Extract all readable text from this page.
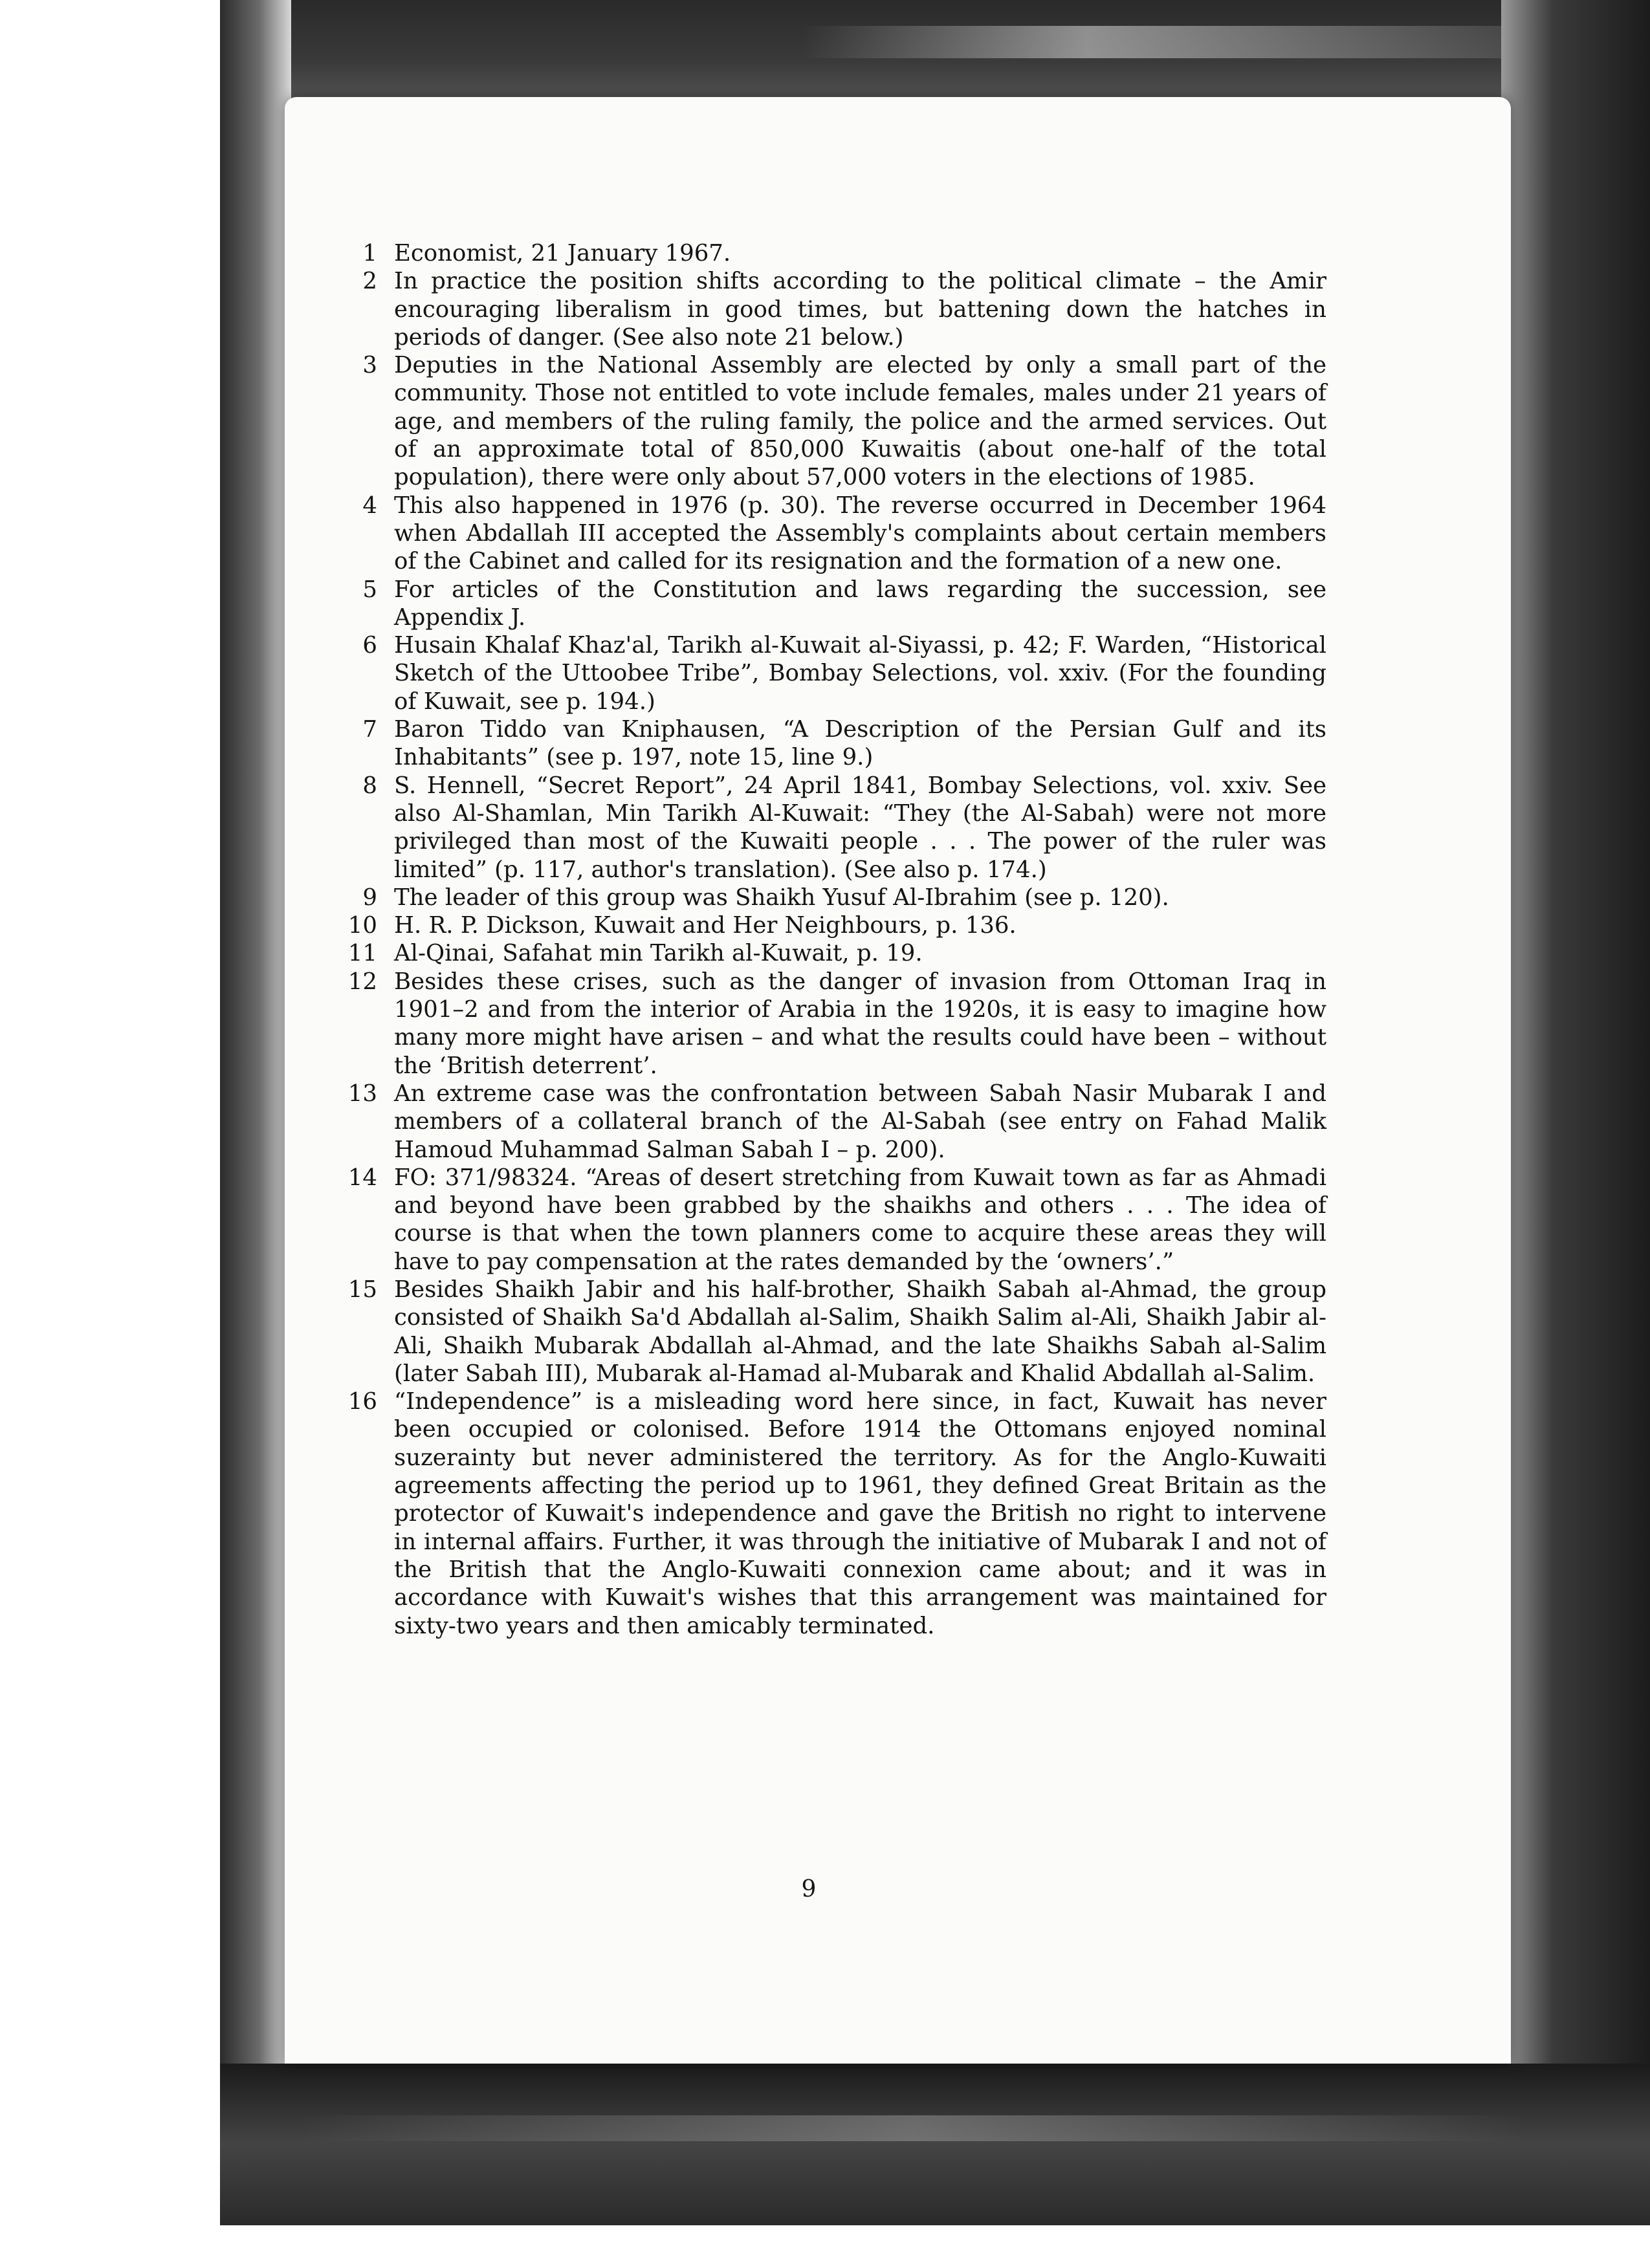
1 Economist, 21 January 1967.
2 In practice the position shifts according to the political climate – the Amir encouraging liberalism in good times, but battening down the hatches in periods of danger. (See also note 21 below.)
3 Deputies in the National Assembly are elected by only a small part of the community. Those not entitled to vote include females, males under 21 years of age, and members of the ruling family, the police and the armed services. Out of an approximate total of 850,000 Kuwaitis (about one-half of the total population), there were only about 57,000 voters in the elections of 1985.
4 This also happened in 1976 (p. 30). The reverse occurred in December 1964 when Abdallah III accepted the Assembly's complaints about certain members of the Cabinet and called for its resignation and the formation of a new one.
5 For articles of the Constitution and laws regarding the succession, see Appendix J.
6 Husain Khalaf Khaz'al, Tarikh al-Kuwait al-Siyassi, p. 42; F. Warden, “Historical Sketch of the Uttoobee Tribe”, Bombay Selections, vol. xxiv. (For the founding of Kuwait, see p. 194.)
7 Baron Tiddo van Kniphausen, “A Description of the Persian Gulf and its Inhabitants” (see p. 197, note 15, line 9.)
8 S. Hennell, “Secret Report”, 24 April 1841, Bombay Selections, vol. xxiv. See also Al-Shamlan, Min Tarikh Al-Kuwait: “They (the Al-Sabah) were not more privileged than most of the Kuwaiti people . . . The power of the ruler was limited” (p. 117, author's translation). (See also p. 174.)
9 The leader of this group was Shaikh Yusuf Al-Ibrahim (see p. 120).
10 H. R. P. Dickson, Kuwait and Her Neighbours, p. 136.
11 Al-Qinai, Safahat min Tarikh al-Kuwait, p. 19.
12 Besides these crises, such as the danger of invasion from Ottoman Iraq in 1901–2 and from the interior of Arabia in the 1920s, it is easy to imagine how many more might have arisen – and what the results could have been – without the ‘British deterrent’.
13 An extreme case was the confrontation between Sabah Nasir Mubarak I and members of a collateral branch of the Al-Sabah (see entry on Fahad Malik Hamoud Muhammad Salman Sabah I – p. 200).
14 FO: 371/98324. “Areas of desert stretching from Kuwait town as far as Ahmadi and beyond have been grabbed by the shaikhs and others . . . The idea of course is that when the town planners come to acquire these areas they will have to pay compensation at the rates demanded by the ‘owners’.”
15 Besides Shaikh Jabir and his half-brother, Shaikh Sabah al-Ahmad, the group consisted of Shaikh Sa'd Abdallah al-Salim, Shaikh Salim al-Ali, Shaikh Jabir al-Ali, Shaikh Mubarak Abdallah al-Ahmad, and the late Shaikhs Sabah al-Salim (later Sabah III), Mubarak al-Hamad al-Mubarak and Khalid Abdallah al-Salim.
16 “Independence” is a misleading word here since, in fact, Kuwait has never been occupied or colonised. Before 1914 the Ottomans enjoyed nominal suzerainty but never administered the territory. As for the Anglo-Kuwaiti agreements affecting the period up to 1961, they defined Great Britain as the protector of Kuwait's independence and gave the British no right to intervene in internal affairs. Further, it was through the initiative of Mubarak I and not of the British that the Anglo-Kuwaiti connexion came about; and it was in accordance with Kuwait's wishes that this arrangement was maintained for sixty-two years and then amicably terminated.
9
